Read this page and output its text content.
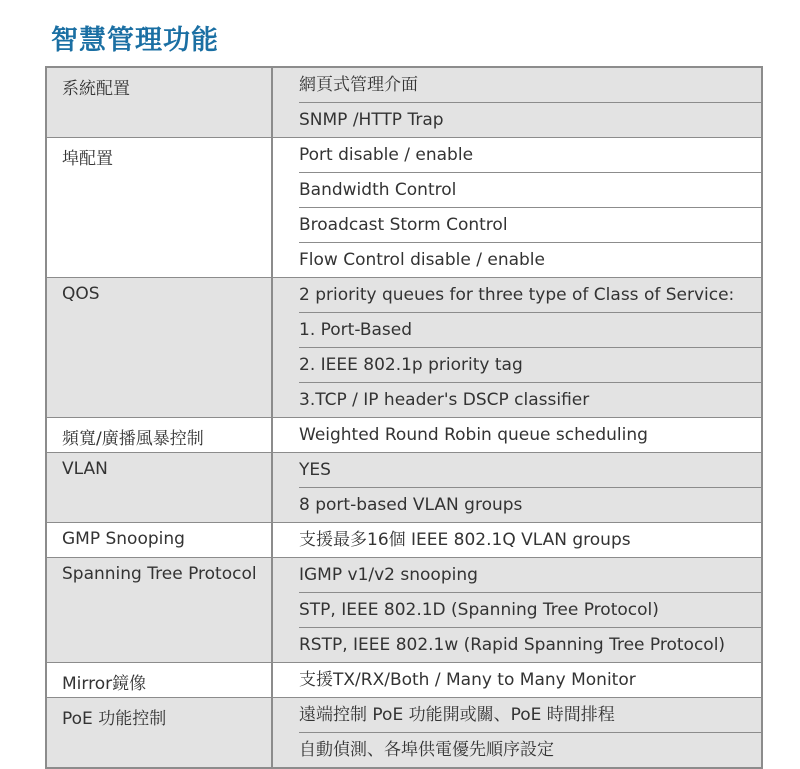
智慧管理功能
系統配置	網頁式管理介面
SNMP /HTTP Trap

埠配置	Port disable / enable
Bandwidth Control
Broadcast Storm Control
Flow Control disable / enable

QOS	2 priority queues for three type of Class of Service:
1. Port-Based
2. IEEE 802.1p priority tag
3.TCP / IP header's DSCP classifier

頻寬/廣播風暴控制	Weighted Round Robin queue scheduling

VLAN	YES
8 port-based VLAN groups

GMP Snooping	支援最多16個 IEEE 802.1Q VLAN groups

Spanning Tree Protocol	IGMP v1/v2 snooping
STP, IEEE 802.1D (Spanning Tree Protocol)
RSTP, IEEE 802.1w (Rapid Spanning Tree Protocol)

Mirror鏡像	支援TX/RX/Both / Many to Many Monitor

PoE 功能控制	遠端控制 PoE 功能開或關、PoE 時間排程
自動偵測、各埠供電優先順序設定
